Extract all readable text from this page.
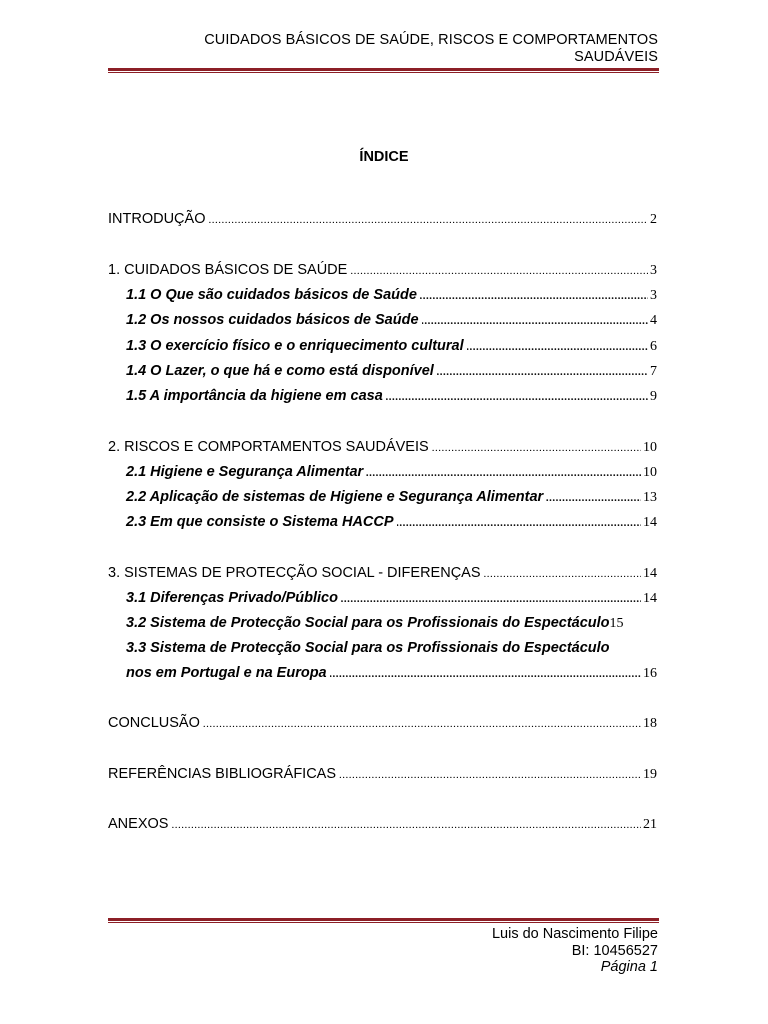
CUIDADOS BÁSICOS DE SAÚDE, RISCOS E COMPORTAMENTOS
SAUDÁVEIS
ÍNDICE
INTRODUÇÃO .....	2
1. CUIDADOS BÁSICOS DE SAÚDE .....	3
1.1 O Que são cuidados básicos de Saúde .....	3
1.2 Os nossos cuidados básicos de Saúde .....	4
1.3 O exercício físico e o enriquecimento cultural .....	6
1.4 O Lazer, o que há e como está disponível .....	7
1.5 A importância da higiene em casa .....	9
2. RISCOS E COMPORTAMENTOS SAUDÁVEIS .....	10
2.1 Higiene e Segurança Alimentar .....	10
2.2 Aplicação de sistemas de Higiene e Segurança Alimentar .....	13
2.3 Em que consiste o Sistema HACCP .....	14
3. SISTEMAS DE PROTECÇÃO SOCIAL - DIFERENÇAS .....	14
3.1 Diferenças Privado/Público .....	14
3.2 Sistema de Protecção Social para os Profissionais do Espectáculo 15
3.3 Sistema de Protecção Social para os Profissionais do Espectáculo
nos em Portugal e na Europa .....	16
CONCLUSÃO .....	18
REFERÊNCIAS BIBLIOGRÁFICAS .....	19
ANEXOS .....	21
Luis do Nascimento Filipe
BI: 10456527
Página 1
